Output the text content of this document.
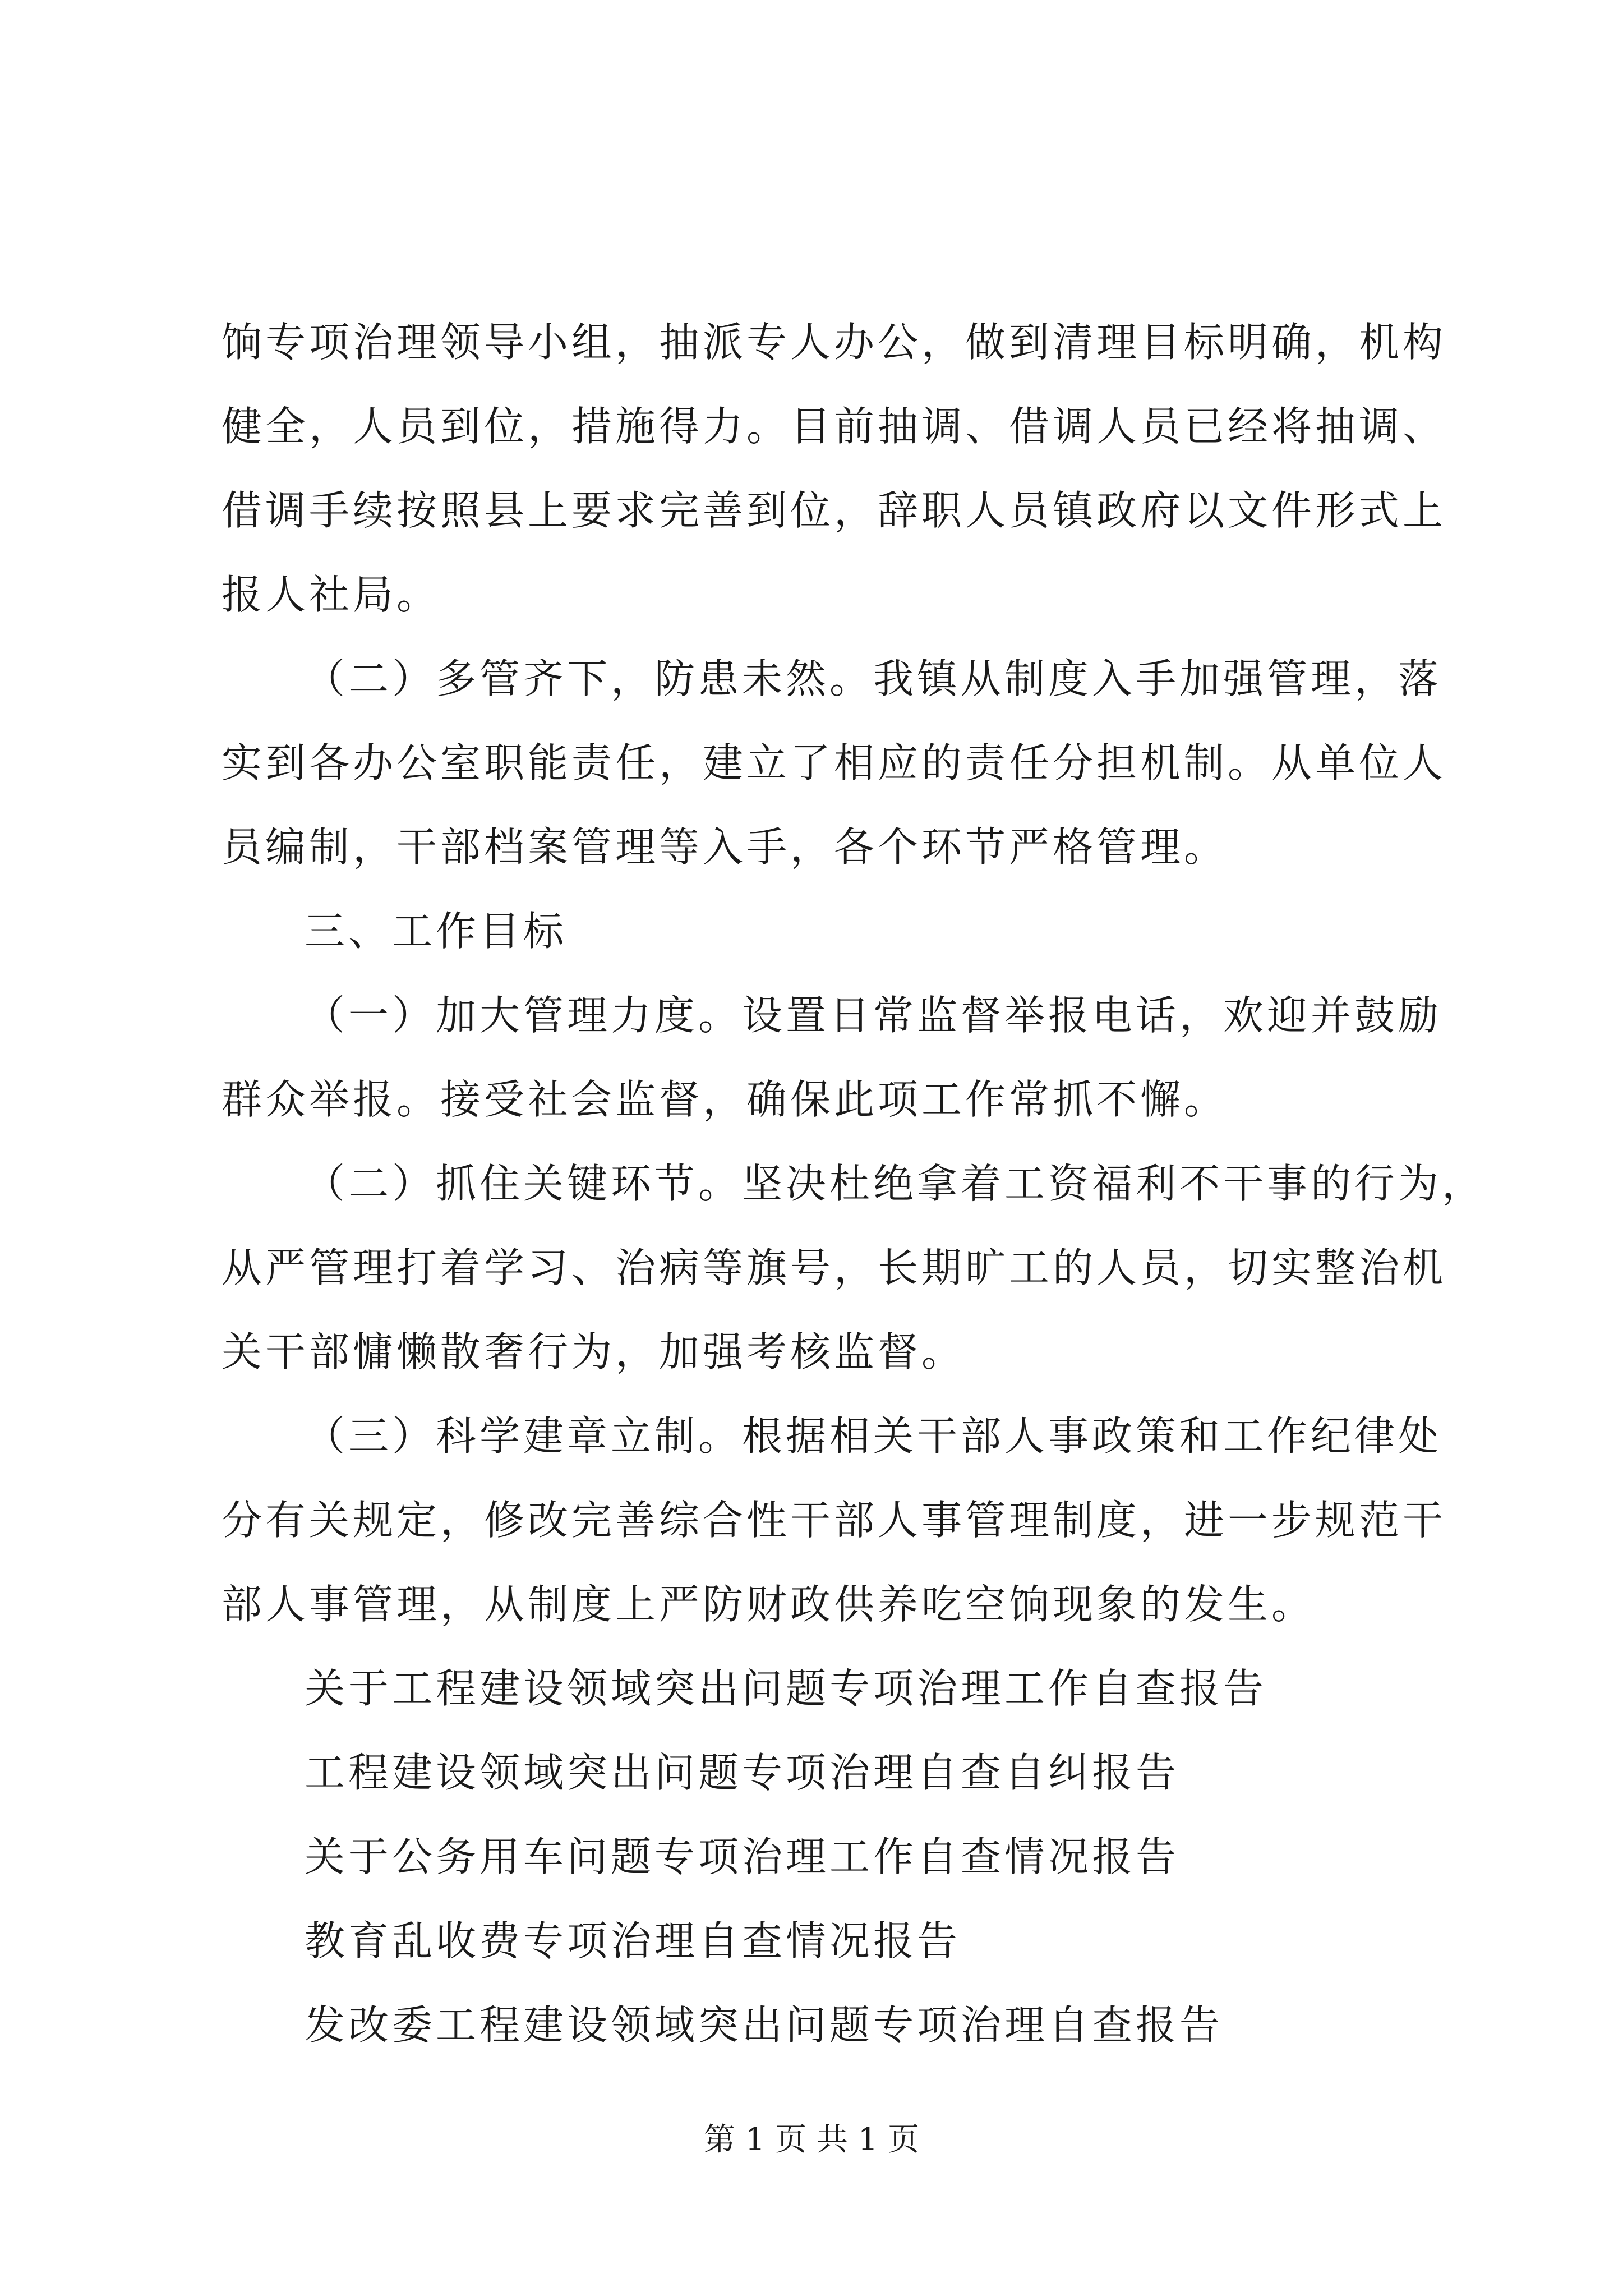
饷专项治理领导小组，抽派专人办公，做到清理目标明确，机构
健全，人员到位，措施得力。目前抽调、借调人员已经将抽调、
借调手续按照县上要求完善到位，辞职人员镇政府以文件形式上
报人社局。
（二）多管齐下，防患未然。我镇从制度入手加强管理，落
实到各办公室职能责任，建立了相应的责任分担机制。从单位人
员编制，干部档案管理等入手，各个环节严格管理。
三、工作目标
（一）加大管理力度。设置日常监督举报电话，欢迎并鼓励
群众举报。接受社会监督，确保此项工作常抓不懈。
（二）抓住关键环节。坚决杜绝拿着工资福利不干事的行为，
从严管理打着学习、治病等旗号，长期旷工的人员，切实整治机
关干部慵懒散奢行为，加强考核监督。
（三）科学建章立制。根据相关干部人事政策和工作纪律处
分有关规定，修改完善综合性干部人事管理制度，进一步规范干
部人事管理，从制度上严防财政供养吃空饷现象的发生。
关于工程建设领域突出问题专项治理工作自查报告
工程建设领域突出问题专项治理自查自纠报告
关于公务用车问题专项治理工作自查情况报告
教育乱收费专项治理自查情况报告
发改委工程建设领域突出问题专项治理自查报告
第 1 页 共 1 页
